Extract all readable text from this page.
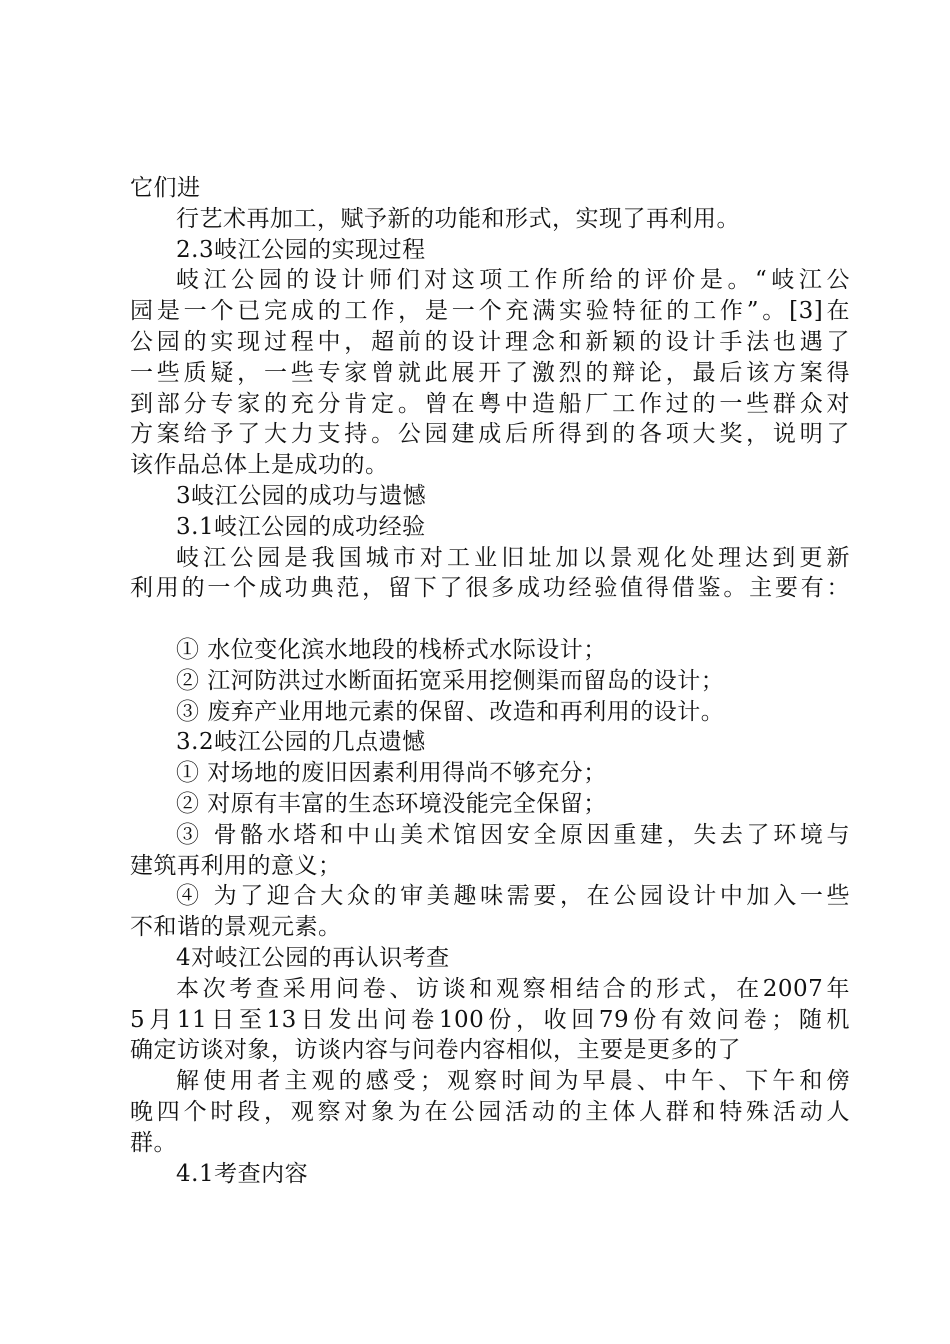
它们进
行艺术再加工，赋予新的功能和形式，实现了再利用。
2.3岐江公园的实现过程
岐江公园的设计师们对这项工作所给的评价是。“岐江公
园是一个已完成的工作，是一个充满实验特征的工作”。[3]在
公园的实现过程中，超前的设计理念和新颖的设计手法也遇了
一些质疑，一些专家曾就此展开了激烈的辩论，最后该方案得
到部分专家的充分肯定。曾在粤中造船厂工作过的一些群众对
方案给予了大力支持。公园建成后所得到的各项大奖，说明了
该作品总体上是成功的。
3岐江公园的成功与遗憾
3.1岐江公园的成功经验
岐江公园是我国城市对工业旧址加以景观化处理达到更新
利用的一个成功典范，留下了很多成功经验值得借鉴。主要有：
① 水位变化滨水地段的栈桥式水际设计；
② 江河防洪过水断面拓宽采用挖侧渠而留岛的设计；
③ 废弃产业用地元素的保留、改造和再利用的设计。
3.2岐江公园的几点遗憾
① 对场地的废旧因素利用得尚不够充分；
② 对原有丰富的生态环境没能完全保留；
③ 骨骼水塔和中山美术馆因安全原因重建，失去了环境与
建筑再利用的意义；
④ 为了迎合大众的审美趣味需要，在公园设计中加入一些
不和谐的景观元素。
4对岐江公园的再认识考查
本次考查采用问卷、访谈和观察相结合的形式，在2007年
5月11日至13日发出问卷100份，收回79份有效问卷；随机
确定访谈对象，访谈内容与问卷内容相似，主要是更多的了
解使用者主观的感受；观察时间为早晨、中午、下午和傍
晚四个时段，观察对象为在公园活动的主体人群和特殊活动人
群。
4.1考查内容
